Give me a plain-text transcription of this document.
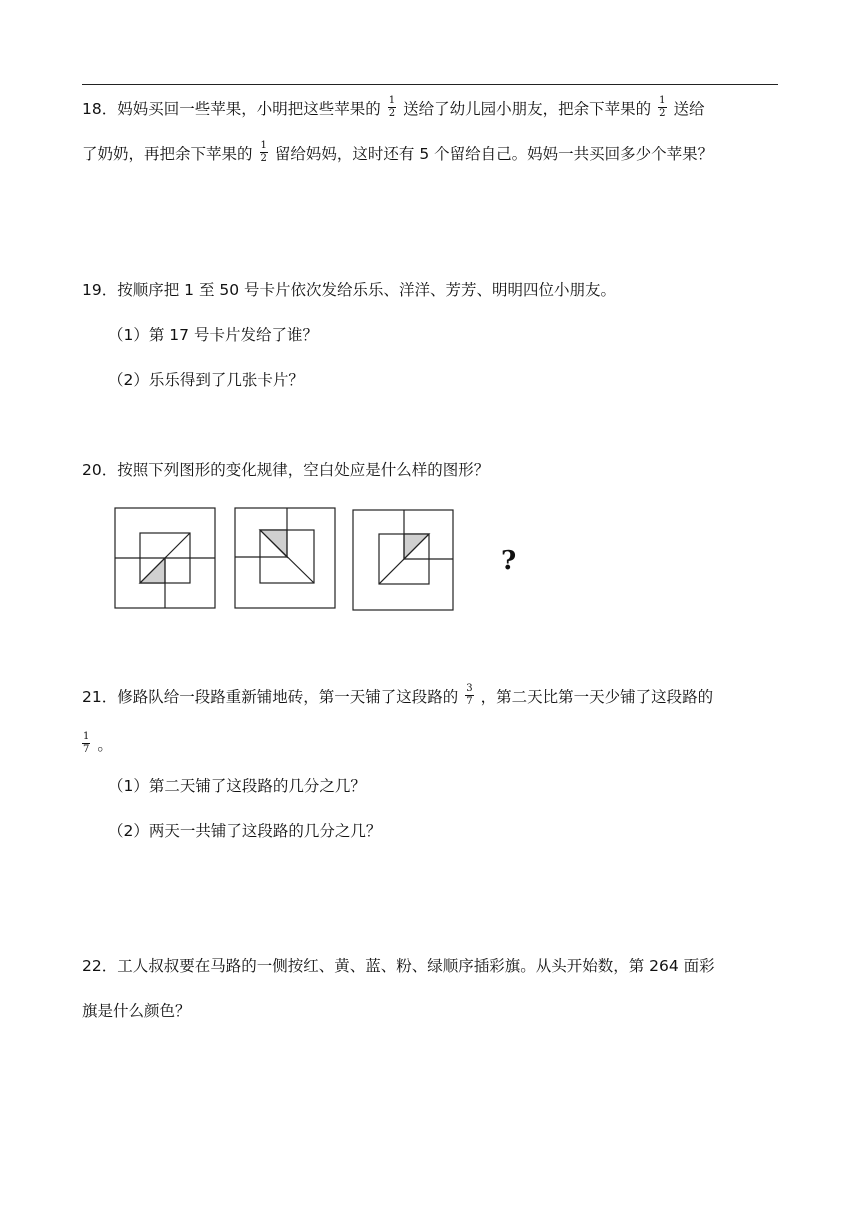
18．妈妈买回一些苹果，小明把这些苹果的 $\frac{1}{2}$ 送给了幼儿园小朋友，把余下苹果的 $\frac{1}{2}$ 送给
了奶奶，再把余下苹果的 $\frac{1}{2}$ 留给妈妈，这时还有 5 个留给自己。妈妈一共买回多少个苹果？
19．按顺序把 1 至 50 号卡片依次发给乐乐、洋洋、芳芳、明明四位小朋友。
（1）第 17 号卡片发给了谁？
（2）乐乐得到了几张卡片？
20．按照下列图形的变化规律，空白处应是什么样的图形？
?
21．修路队给一段路重新铺地砖，第一天铺了这段路的 $\frac{3}{7}$ ，第二天比第一天少铺了这段路的
$\frac{1}{7}$ 。
（1）第二天铺了这段路的几分之几？
（2）两天一共铺了这段路的几分之几？
22．工人叔叔要在马路的一侧按红、黄、蓝、粉、绿顺序插彩旗。从头开始数，第 264 面彩
旗是什么颜色？
